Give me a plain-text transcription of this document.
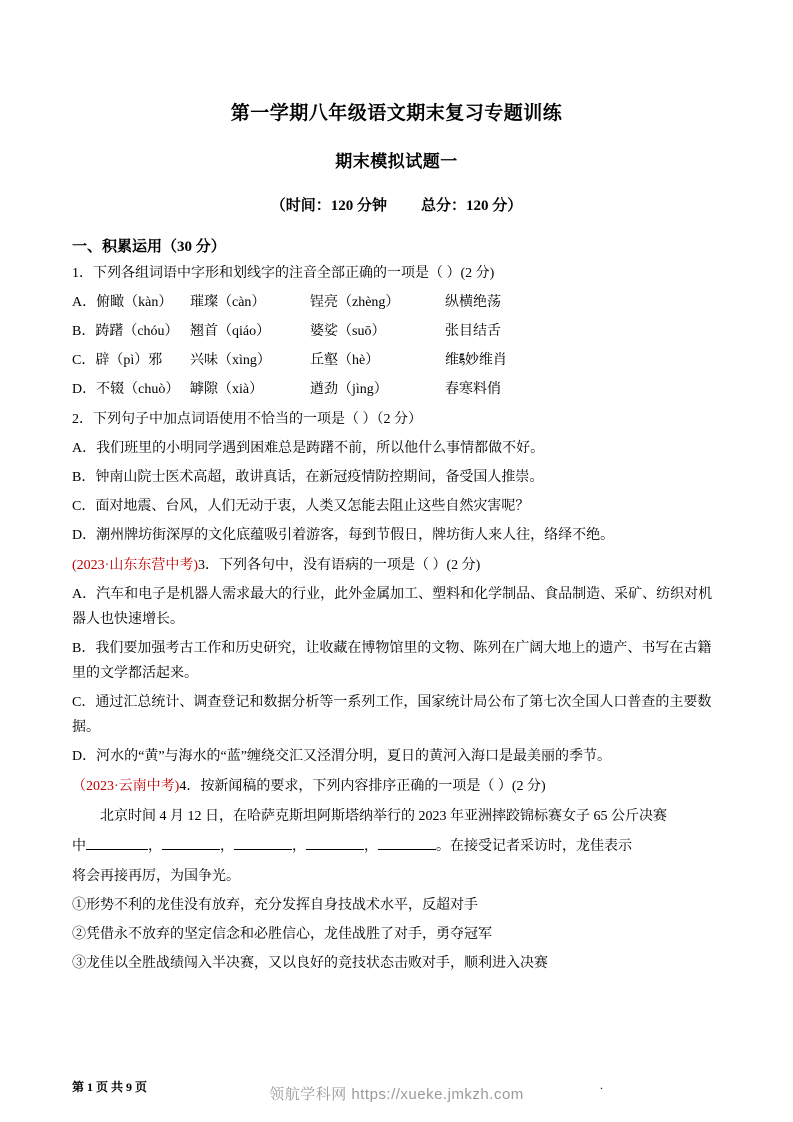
第一学期八年级语文期末复习专题训练
期末模拟试题一
（时间：120 分钟 总分：120 分）
一、积累运用（30 分）
1．下列各组词语中字形和划线字的注音全部正确的一项是（ ）(2 分)
A．俯瞰（kàn） 璀璨（càn）	锃亮（zhèng）	纵横绝荡
B．踌躇（chóu） 翘首（qiáo）	婆娑（suō）	张目结舌
C．辟（pì）邪 兴味（xìng）	丘壑（hè）	维཈妙维肖
D．不辍（chuò） 罅隙（xià）	遒劲（jìng）	春寒料俏
2．下列句子中加点词语使用不恰当的一项是（ ）（2 分）
A．我们班里的小明同学遇到困难总是踌躇不前，所以他什么事情都做不好。
B．钟南山院士医术高超，敢讲真话，在新冠疫情防控期间，备受国人推崇。
C．面对地震、台风，人们无动于衷，人类又怎能去阻止这些自然灾害呢？
D．潮州牌坊街深厚的文化底蕴吸引着游客，每到节假日，牌坊街人来人往，络绎不绝。
(2023·山东东营中考)3．下列各句中，没有语病的一项是（ ）(2 分)
A．汽车和电子是机器人需求最大的行业，此外金属加工、塑料和化学制品、食品制造、采矿、纺织对机器人也快速增长。
B．我们要加强考古工作和历史研究，让收藏在博物馆里的文物、陈列在广阔大地上的遗产、书写在古籍里的文学都活起来。
C．通过汇总统计、调查登记和数据分析等一系列工作，国家统计局公布了第七次全国人口普查的主要数据。
D．河水的“黄”与海水的“蓝”缠绕交汇又泾渭分明，夏日的黄河入海口是最美丽的季节。
（2023·云南中考)4．按新闻稿的要求，下列内容排序正确的一项是（ ）(2 分)
北京时间 4 月 12 日，在哈萨克斯坦阿斯塔纳举行的 2023 年亚洲摔跤锦标赛女子 65 公斤决赛
中	，	，	，	，	。在接受记者采访时，龙佳表示
将会再接再厉，为国争光。
①形势不利的龙佳没有放弃，充分发挥自身技战术水平，反超对手
②凭借永不放弃的坚定信念和必胜信心，龙佳战胜了对手，勇夺冠军
③龙佳以全胜战绩闯入半决赛，又以良好的竞技状态击败对手，顺利进入决赛
第 1 页 共 9 页	.
领航学科网 https://xueke.jmkzh.com
